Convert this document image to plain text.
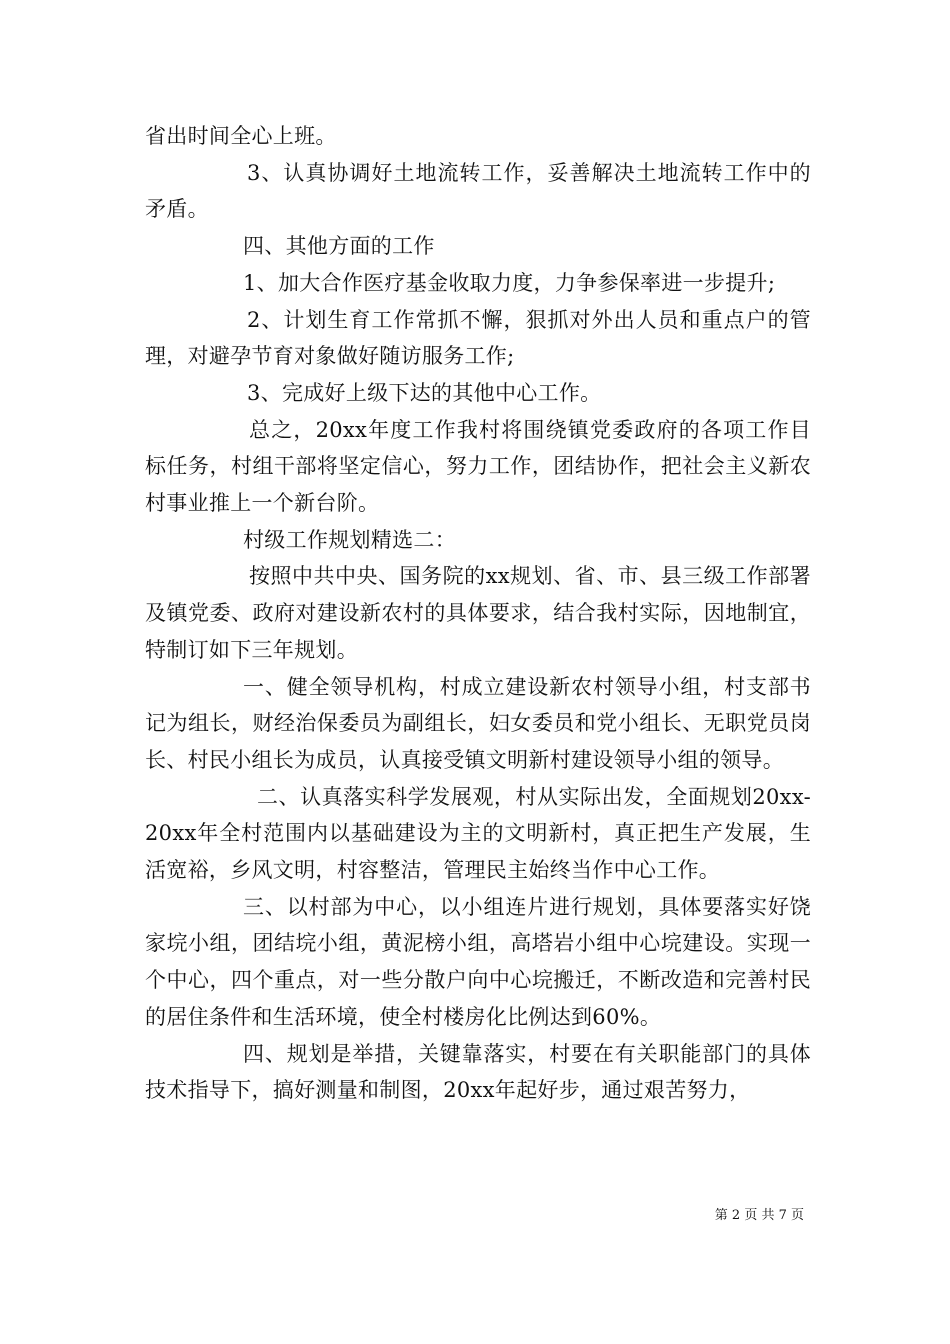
省出时间全心上班。

3、认真协调好土地流转工作，妥善解决土地流转工作中的矛盾。

四、其他方面的工作

1、加大合作医疗基金收取力度，力争参保率进一步提升;

2、计划生育工作常抓不懈，狠抓对外出人员和重点户的管理，对避孕节育对象做好随访服务工作;

3、完成好上级下达的其他中心工作。

总之，20xx年度工作我村将围绕镇党委政府的各项工作目标任务，村组干部将坚定信心，努力工作，团结协作，把社会主义新农村事业推上一个新台阶。

村级工作规划精选二：

按照中共中央、国务院的xx规划、省、市、县三级工作部署及镇党委、政府对建设新农村的具体要求，结合我村实际，因地制宜，特制订如下三年规划。

一、健全领导机构，村成立建设新农村领导小组，村支部书记为组长，财经治保委员为副组长，妇女委员和党小组长、无职党员岗长、村民小组长为成员，认真接受镇文明新村建设领导小组的领导。

二、认真落实科学发展观，村从实际出发，全面规划20xx-20xx年全村范围内以基础建设为主的文明新村，真正把生产发展，生活宽裕，乡风文明，村容整洁，管理民主始终当作中心工作。

三、以村部为中心，以小组连片进行规划，具体要落实好饶家垸小组，团结垸小组，黄泥榜小组，高塔岩小组中心垸建设。实现一个中心，四个重点，对一些分散户向中心垸搬迁，不断改造和完善村民的居住条件和生活环境，使全村楼房化比例达到60%。

四、规划是举措，关键靠落实，村要在有关职能部门的具体技术指导下，搞好测量和制图，20xx年起好步，通过艰苦努力，

第 2 页 共 7 页
